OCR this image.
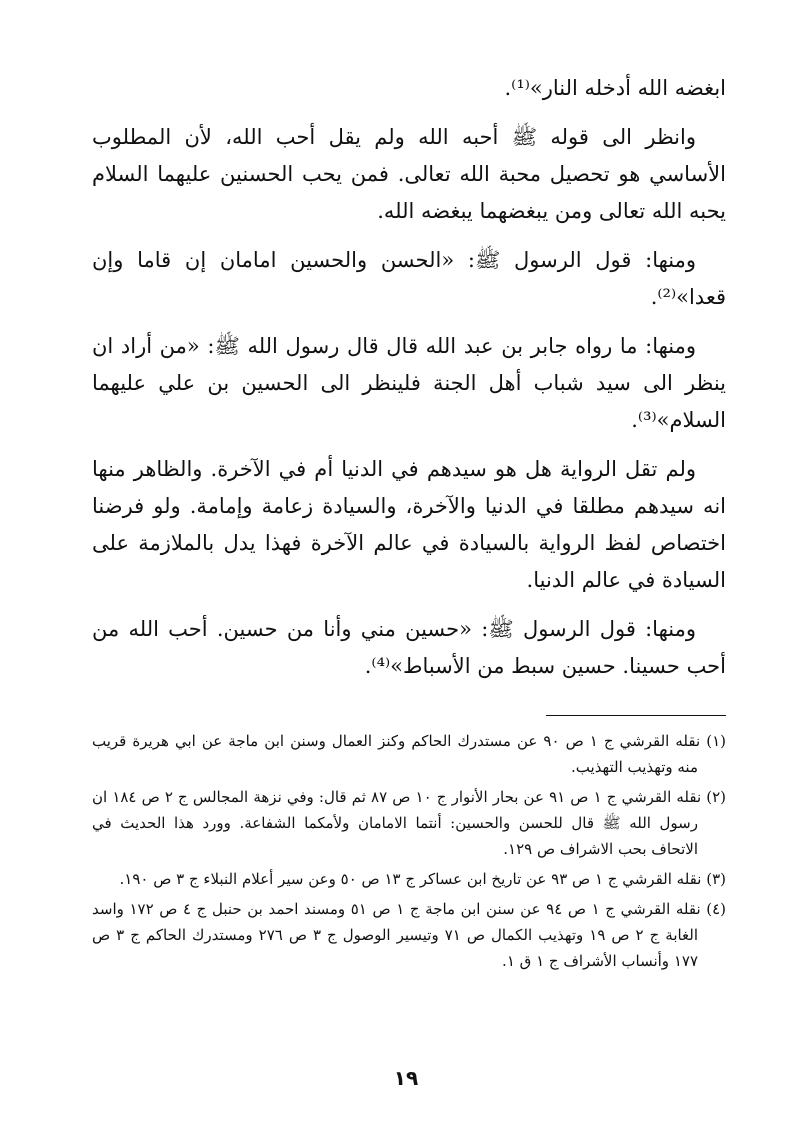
ابغضه الله أدخله النار»⁽¹⁾.

وانظر الى قوله ﷺ أحبه الله ولم يقل أحب الله، لأن المطلوب الأساسي هو تحصيل محبة الله تعالى. فمن يحب الحسنين عليهما السلام يحبه الله تعالى ومن يبغضهما يبغضه الله.

ومنها: قول الرسول ﷺ: «الحسن والحسين امامان إن قاما وإن قعدا»⁽²⁾.

ومنها: ما رواه جابر بن عبد الله قال قال رسول الله ﷺ: «من أراد ان ينظر الى سيد شباب أهل الجنة فلينظر الى الحسين بن علي عليهما السلام»⁽³⁾.

ولم تقل الرواية هل هو سيدهم في الدنيا أم في الآخرة. والظاهر منها انه سيدهم مطلقا في الدنيا والآخرة، والسيادة زعامة وإمامة. ولو فرضنا اختصاص لفظ الرواية بالسيادة في عالم الآخرة فهذا يدل بالملازمة على السيادة في عالم الدنيا.

ومنها: قول الرسول ﷺ: «حسين مني وأنا من حسين. أحب الله من أحب حسينا. حسين سبط من الأسباط»⁽⁴⁾.

(١) نقله القرشي ج ١ ص ٩٠ عن مستدرك الحاكم وكنز العمال وسنن ابن ماجة عن ابي هريرة قريب منه وتهذيب التهذيب.

(٢) نقله القرشي ج ١ ص ٩١ عن بحار الأنوار ج ١٠ ص ٨٧ ثم قال: وفي نزهة المجالس ج ٢ ص ١٨٤ ان رسول الله ﷺ قال للحسن والحسين: أنتما الامامان ولأمكما الشفاعة. وورد هذا الحديث في الاتحاف بحب الاشراف ص ١٢٩.

(٣) نقله القرشي ج ١ ص ٩٣ عن تاريخ ابن عساكر ج ١٣ ص ٥٠ وعن سير أعلام النبلاء ج ٣ ص ١٩٠.

(٤) نقله القرشي ج ١ ص ٩٤ عن سنن ابن ماجة ج ١ ص ٥١ ومسند احمد بن حنبل ج ٤ ص ١٧٢ واسد الغابة ج ٢ ص ١٩ وتهذيب الكمال ص ٧١ وتيسير الوصول ج ٣ ص ٢٧٦ ومستدرك الحاكم ج ٣ ص ١٧٧ وأنساب الأشراف ج ١ ق ١.

١٩
